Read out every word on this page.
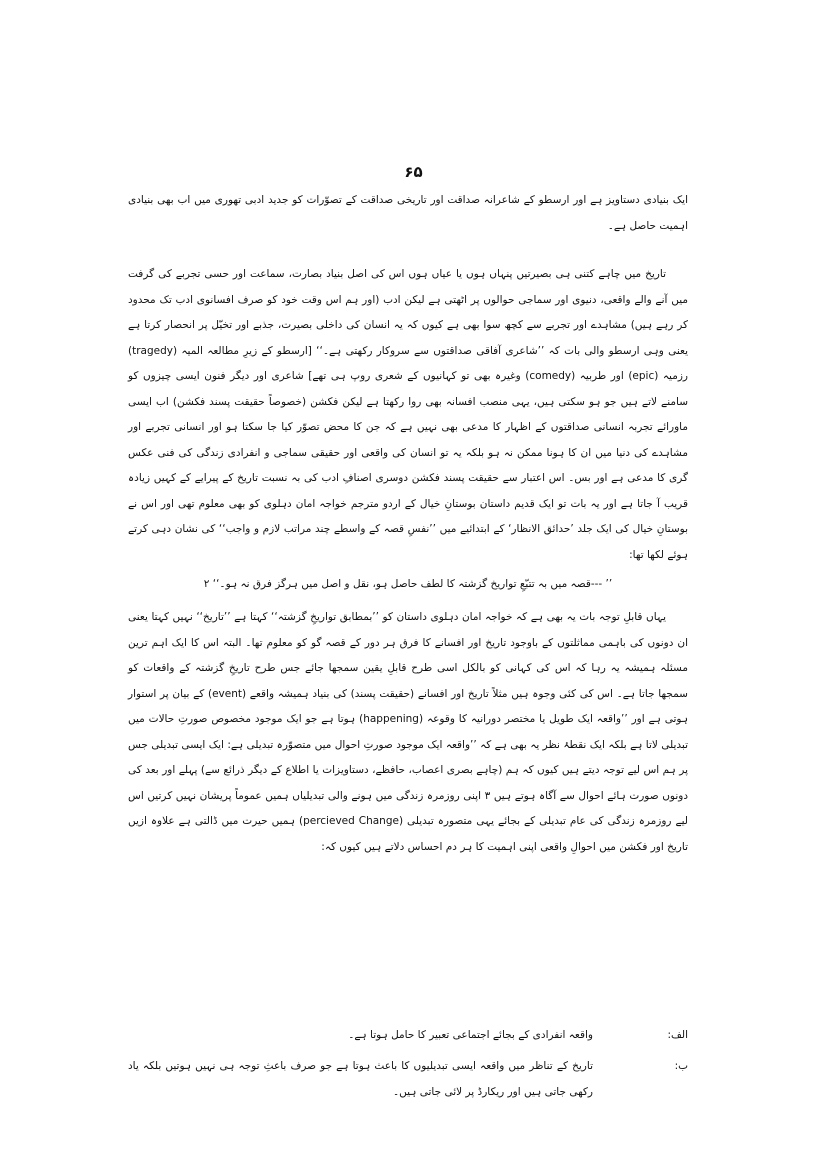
۶۵

ایک بنیادی دستاویز ہے اور ارسطو کے شاعرانہ صداقت اور تاریخی صداقت کے تصوّرات کو جدید ادبی تھوری میں اب بھی بنیادی اہمیت حاصل ہے۔

تاریخ میں چاہے کتنی ہی بصیرتیں پنہاں ہوں یا عیاں ہوں اس کی اصل بنیاد بصارت، سماعت اور حسی تجربے کی گرفت میں آنے والے واقعی، دنیوی اور سماجی حوالوں پر اٹھتی ہے لیکن ادب (اور ہم اس وقت خود کو صرف افسانوی ادب تک محدود کر رہے ہیں) مشاہدے اور تجربے سے کچھ سوا بھی ہے کیوں کہ یہ انسان کی داخلی بصیرت، جذبے اور تخیّل پر انحصار کرتا ہے یعنی وہی ارسطو والی بات کہ ’’شاعری آفاقی صداقتوں سے سروکار رکھتی ہے۔‘‘ [ارسطو کے زیرِ مطالعہ المیہ (tragedy) رزمیہ (epic) اور طربیہ (comedy) وغیرہ بھی تو کہانیوں کے شعری روپ ہی تھے] شاعری اور دیگر فنون ایسی چیزوں کو سامنے لاتے ہیں جو ہو سکتی ہیں، یہی منصب افسانہ بھی روا رکھتا ہے لیکن فکشن (خصوصاً حقیقت پسند فکشن) اب ایسی ماورائے تجربہ انسانی صداقتوں کے اظہار کا مدعی بھی نہیں ہے کہ جن کا محض تصوّر کیا جا سکتا ہو اور انسانی تجربے اور مشاہدے کی دنیا میں ان کا ہونا ممکن نہ ہو بلکہ یہ تو انسان کی واقعی اور حقیقی سماجی و انفرادی زندگی کی فنی عکس گری کا مدعی ہے اور بس۔ اس اعتبار سے حقیقت پسند فکشن دوسری اصنافِ ادب کی بہ نسبت تاریخ کے پیرایے کے کہیں زیادہ قریب آ جاتا ہے اور یہ بات تو ایک قدیم داستان بوستانِ خیال کے اردو مترجم خواجہ امان دہلوی کو بھی معلوم تھی اور اس نے بوستانِ خیال کی ایک جلد ’حدائق الانظار‘ کے ابتدائیے میں ’’نفسِ قصہ کے واسطے چند مراتب لازم و واجب‘‘ کی نشان دہی کرتے ہوئے لکھا تھا:

’’ ---قصہ میں بہ تتبّعِ تواریخ گزشتہ کا لطف حاصل ہو، نقل و اصل میں ہرگز فرق نہ ہو۔‘‘ ۲

یہاں قابلِ توجہ بات یہ بھی ہے کہ خواجہ امان دہلوی داستان کو ’’بمطابق تواریخِ گزشتہ‘‘ کہتا ہے ’’تاریخ‘‘ نہیں کہتا یعنی ان دونوں کی باہمی مماثلتوں کے باوجود تاریخ اور افسانے کا فرق ہر دور کے قصہ گو کو معلوم تھا۔ البتہ اس کا ایک اہم ترین مسئلہ ہمیشہ یہ رہا کہ اس کی کہانی کو بالکل اسی طرح قابلِ یقین سمجھا جائے جس طرح تاریخِ گزشتہ کے واقعات کو سمجھا جاتا ہے۔ اس کی کئی وجوہ ہیں مثلاً تاریخ اور افسانے (حقیقت پسند) کی بنیاد ہمیشہ واقعے (event) کے بیان پر استوار ہوتی ہے اور ’’واقعہ ایک طویل یا مختصر دورانیہ کا وقوعہ (happening) ہوتا ہے جو ایک موجود مخصوص صورتِ حالات میں تبدیلی لاتا ہے بلکہ ایک نقطۂ نظر یہ بھی ہے کہ ’’واقعہ ایک موجود صورتِ احوال میں متصوّرہ تبدیلی ہے: ایک ایسی تبدیلی جس پر ہم اس لیے توجہ دیتے ہیں کیوں کہ ہم (چاہے بصری اعصاب، حافظے، دستاویزات یا اطلاع کے دیگر ذرائع سے) پہلے اور بعد کی دونوں صورت ہائے احوال سے آگاہ ہوتے ہیں ۳ اپنی روزمرہ زندگی میں ہونے والی تبدیلیاں ہمیں عموماً پریشان نہیں کرتیں اس لیے روزمرہ زندگی کی عام تبدیلی کے بجائے یہی متصورہ تبدیلی (percieved Change) ہمیں حیرت میں ڈالتی ہے علاوہ ازیں تاریخ اور فکشن میں احوالِ واقعی اپنی اہمیت کا ہر دم احساس دلاتے ہیں کیوں کہ:

الف:
واقعہ انفرادی کے بجائے اجتماعی تعبیر کا حامل ہوتا ہے۔
ب:
تاریخ کے تناظر میں واقعہ ایسی تبدیلیوں کا باعث ہوتا ہے جو صرف باعثِ توجہ ہی نہیں ہوتیں بلکہ یاد رکھی جاتی ہیں اور ریکارڈ پر لائی جاتی ہیں۔
